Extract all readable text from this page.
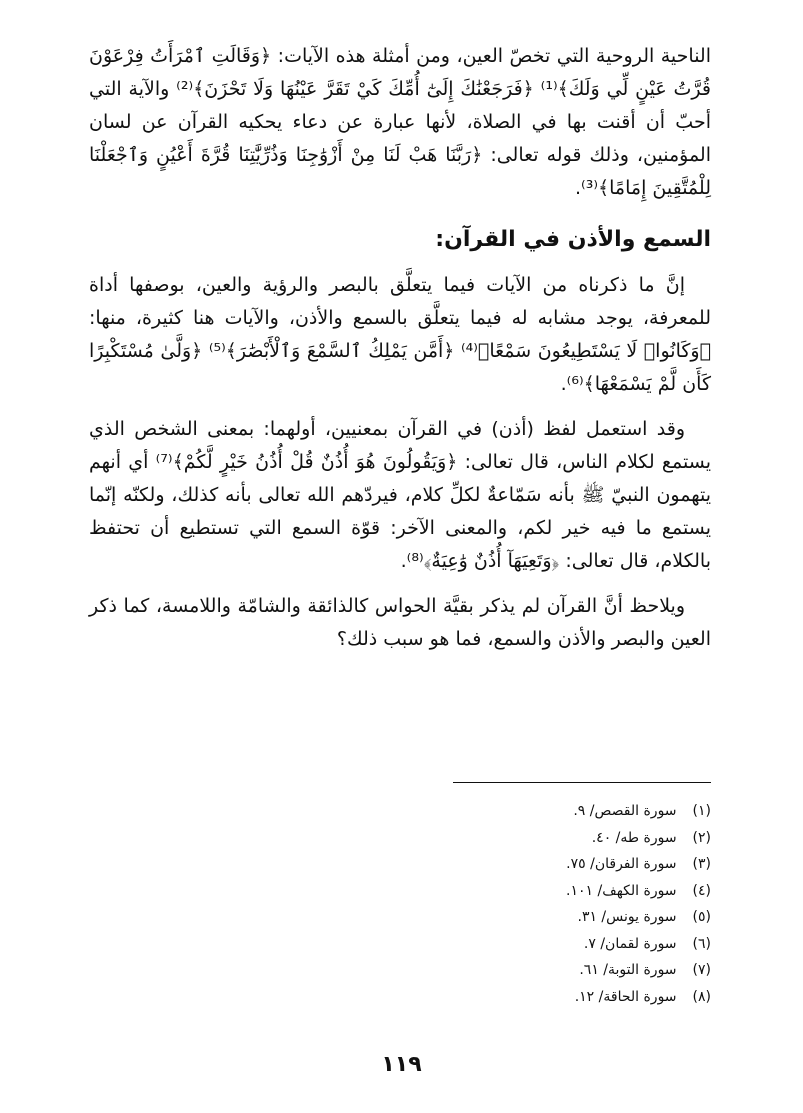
الناحية الروحية التي تخصّ العين، ومن أمثلة هذه الآيات: ﴿وَقَالَتِ ٱمْرَأَتُ فِرْعَوْنَ قُرَّتُ عَيْنٍ لِّي وَلَكَ﴾⁽¹⁾ ﴿فَرَجَعْنَٰكَ إِلَىٰٓ أُمِّكَ كَيْ تَقَرَّ عَيْنُهَا وَلَا تَحْزَنَ﴾⁽²⁾ والآية التي أحبّ أن أقنت بها في الصلاة، لأنها عبارة عن دعاء يحكيه القرآن عن لسان المؤمنين، وذلك قوله تعالى: ﴿رَبَّنَا هَبْ لَنَا مِنْ أَزْوَٰجِنَا وَذُرِّيَّٰتِنَا قُرَّةَ أَعْيُنٍ وَٱجْعَلْنَا لِلْمُتَّقِينَ إِمَامًا﴾⁽³⁾.

السمع والأذن في القرآن:

إنَّ ما ذكرناه من الآيات فيما يتعلَّق بالبصر والرؤية والعين، بوصفها أداة للمعرفة، يوجد مشابه له فيما يتعلَّق بالسمع والأذن، والآيات هنا كثيرة، منها: ﴿وَكَانُوا۟ لَا يَسْتَطِيعُونَ سَمْعًا﴾⁽⁴⁾ ﴿أَمَّن يَمْلِكُ ٱلسَّمْعَ وَٱلْأَبْصَٰرَ﴾⁽⁵⁾ ﴿وَلَّىٰ مُسْتَكْبِرًا كَأَن لَّمْ يَسْمَعْهَا﴾⁽⁶⁾.

وقد استعمل لفظ (أذن) في القرآن بمعنيين، أولهما: بمعنى الشخص الذي يستمع لكلام الناس، قال تعالى: ﴿وَيَقُولُونَ هُوَ أُذُنٌ قُلْ أُذُنُ خَيْرٍ لَّكُمْ﴾⁽⁷⁾ أي أنهم يتهمون النبيّ ﷺ بأنه سَمّاعةٌ لكلِّ كلام، فيردّهم الله تعالى بأنه كذلك، ولكنّه إنّما يستمع ما فيه خير لكم، والمعنى الآخر: قوّة السمع التي تستطيع أن تحتفظ بالكلام، قال تعالى: ﴿وَتَعِيَهَآ أُذُنٌ وَٰعِيَةٌ﴾⁽⁸⁾.

ويلاحظ أنَّ القرآن لم يذكر بقيَّة الحواس كالذائقة والشامّة واللامسة، كما ذكر العين والبصر والأذن والسمع، فما هو سبب ذلك؟

(١) سورة القصص/ ٩.
(٢) سورة طه/ ٤٠.
(٣) سورة الفرقان/ ٧٥.
(٤) سورة الكهف/ ١٠١.
(٥) سورة يونس/ ٣١.
(٦) سورة لقمان/ ٧.
(٧) سورة التوبة/ ٦١.
(٨) سورة الحاقة/ ١٢.
١١٩
